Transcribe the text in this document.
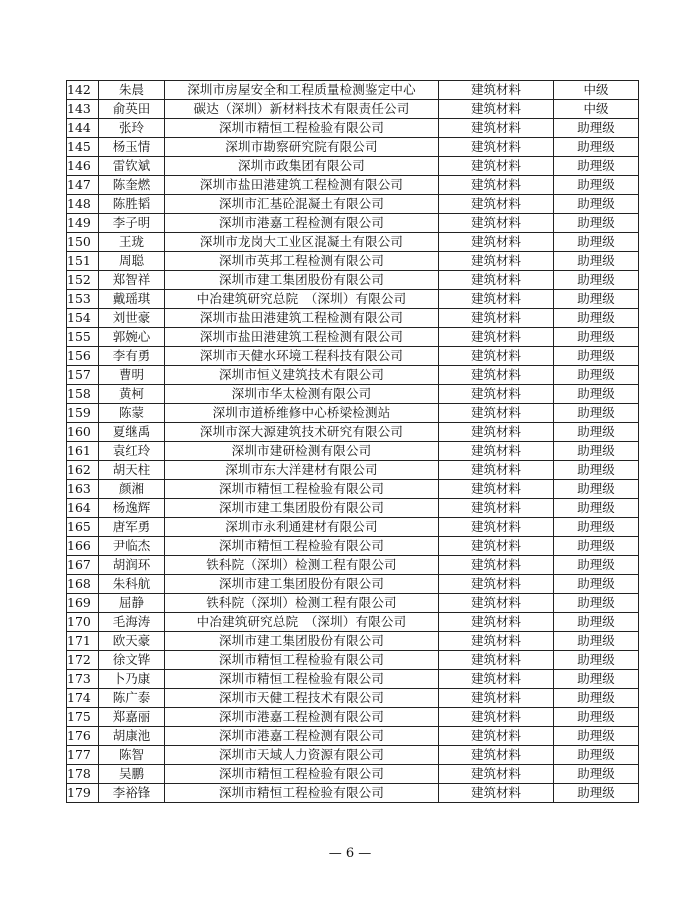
142	朱晨	深圳市房屋安全和工程质量检测鉴定中心	建筑材料	中级
143	俞英田	碳达（深圳）新材料技术有限责任公司	建筑材料	中级
144	张玲	深圳市精恒工程检验有限公司	建筑材料	助理级
145	杨玉情	深圳市勘察研究院有限公司	建筑材料	助理级
146	雷钦斌	深圳市政集团有限公司	建筑材料	助理级
147	陈奎燃	深圳市盐田港建筑工程检测有限公司	建筑材料	助理级
148	陈胜韬	深圳市汇基砼混凝土有限公司	建筑材料	助理级
149	李子明	深圳市港嘉工程检测有限公司	建筑材料	助理级
150	王珑	深圳市龙岗大工业区混凝土有限公司	建筑材料	助理级
151	周聪	深圳市英邦工程检测有限公司	建筑材料	助理级
152	郑智祥	深圳市建工集团股份有限公司	建筑材料	助理级
153	戴瑶琪	中冶建筑研究总院　（深圳）有限公司	建筑材料	助理级
154	刘世豪	深圳市盐田港建筑工程检测有限公司	建筑材料	助理级
155	郭婉心	深圳市盐田港建筑工程检测有限公司	建筑材料	助理级
156	李有勇	深圳市天健水环境工程科技有限公司	建筑材料	助理级
157	曹明	深圳市恒义建筑技术有限公司	建筑材料	助理级
158	黄柯	深圳市华太检测有限公司	建筑材料	助理级
159	陈蒙	深圳市道桥维修中心桥梁检测站	建筑材料	助理级
160	夏继禹	深圳市深大源建筑技术研究有限公司	建筑材料	助理级
161	袁红玲	深圳市建研检测有限公司	建筑材料	助理级
162	胡天柱	深圳市东大洋建材有限公司	建筑材料	助理级
163	颜湘	深圳市精恒工程检验有限公司	建筑材料	助理级
164	杨逸辉	深圳市建工集团股份有限公司	建筑材料	助理级
165	唐军勇	深圳市永利通建材有限公司	建筑材料	助理级
166	尹临杰	深圳市精恒工程检验有限公司	建筑材料	助理级
167	胡润环	铁科院（深圳）检测工程有限公司	建筑材料	助理级
168	朱科航	深圳市建工集团股份有限公司	建筑材料	助理级
169	屈静	铁科院（深圳）检测工程有限公司	建筑材料	助理级
170	毛海涛	中冶建筑研究总院　（深圳）有限公司	建筑材料	助理级
171	欧天豪	深圳市建工集团股份有限公司	建筑材料	助理级
172	徐文铧	深圳市精恒工程检验有限公司	建筑材料	助理级
173	卜乃康	深圳市精恒工程检验有限公司	建筑材料	助理级
174	陈广泰	深圳市天健工程技术有限公司	建筑材料	助理级
175	郑嘉丽	深圳市港嘉工程检测有限公司	建筑材料	助理级
176	胡康池	深圳市港嘉工程检测有限公司	建筑材料	助理级
177	陈智	深圳市天域人力资源有限公司	建筑材料	助理级
178	吴鹏	深圳市精恒工程检验有限公司	建筑材料	助理级
179	李裕锋	深圳市精恒工程检验有限公司	建筑材料	助理级
— 6 —
